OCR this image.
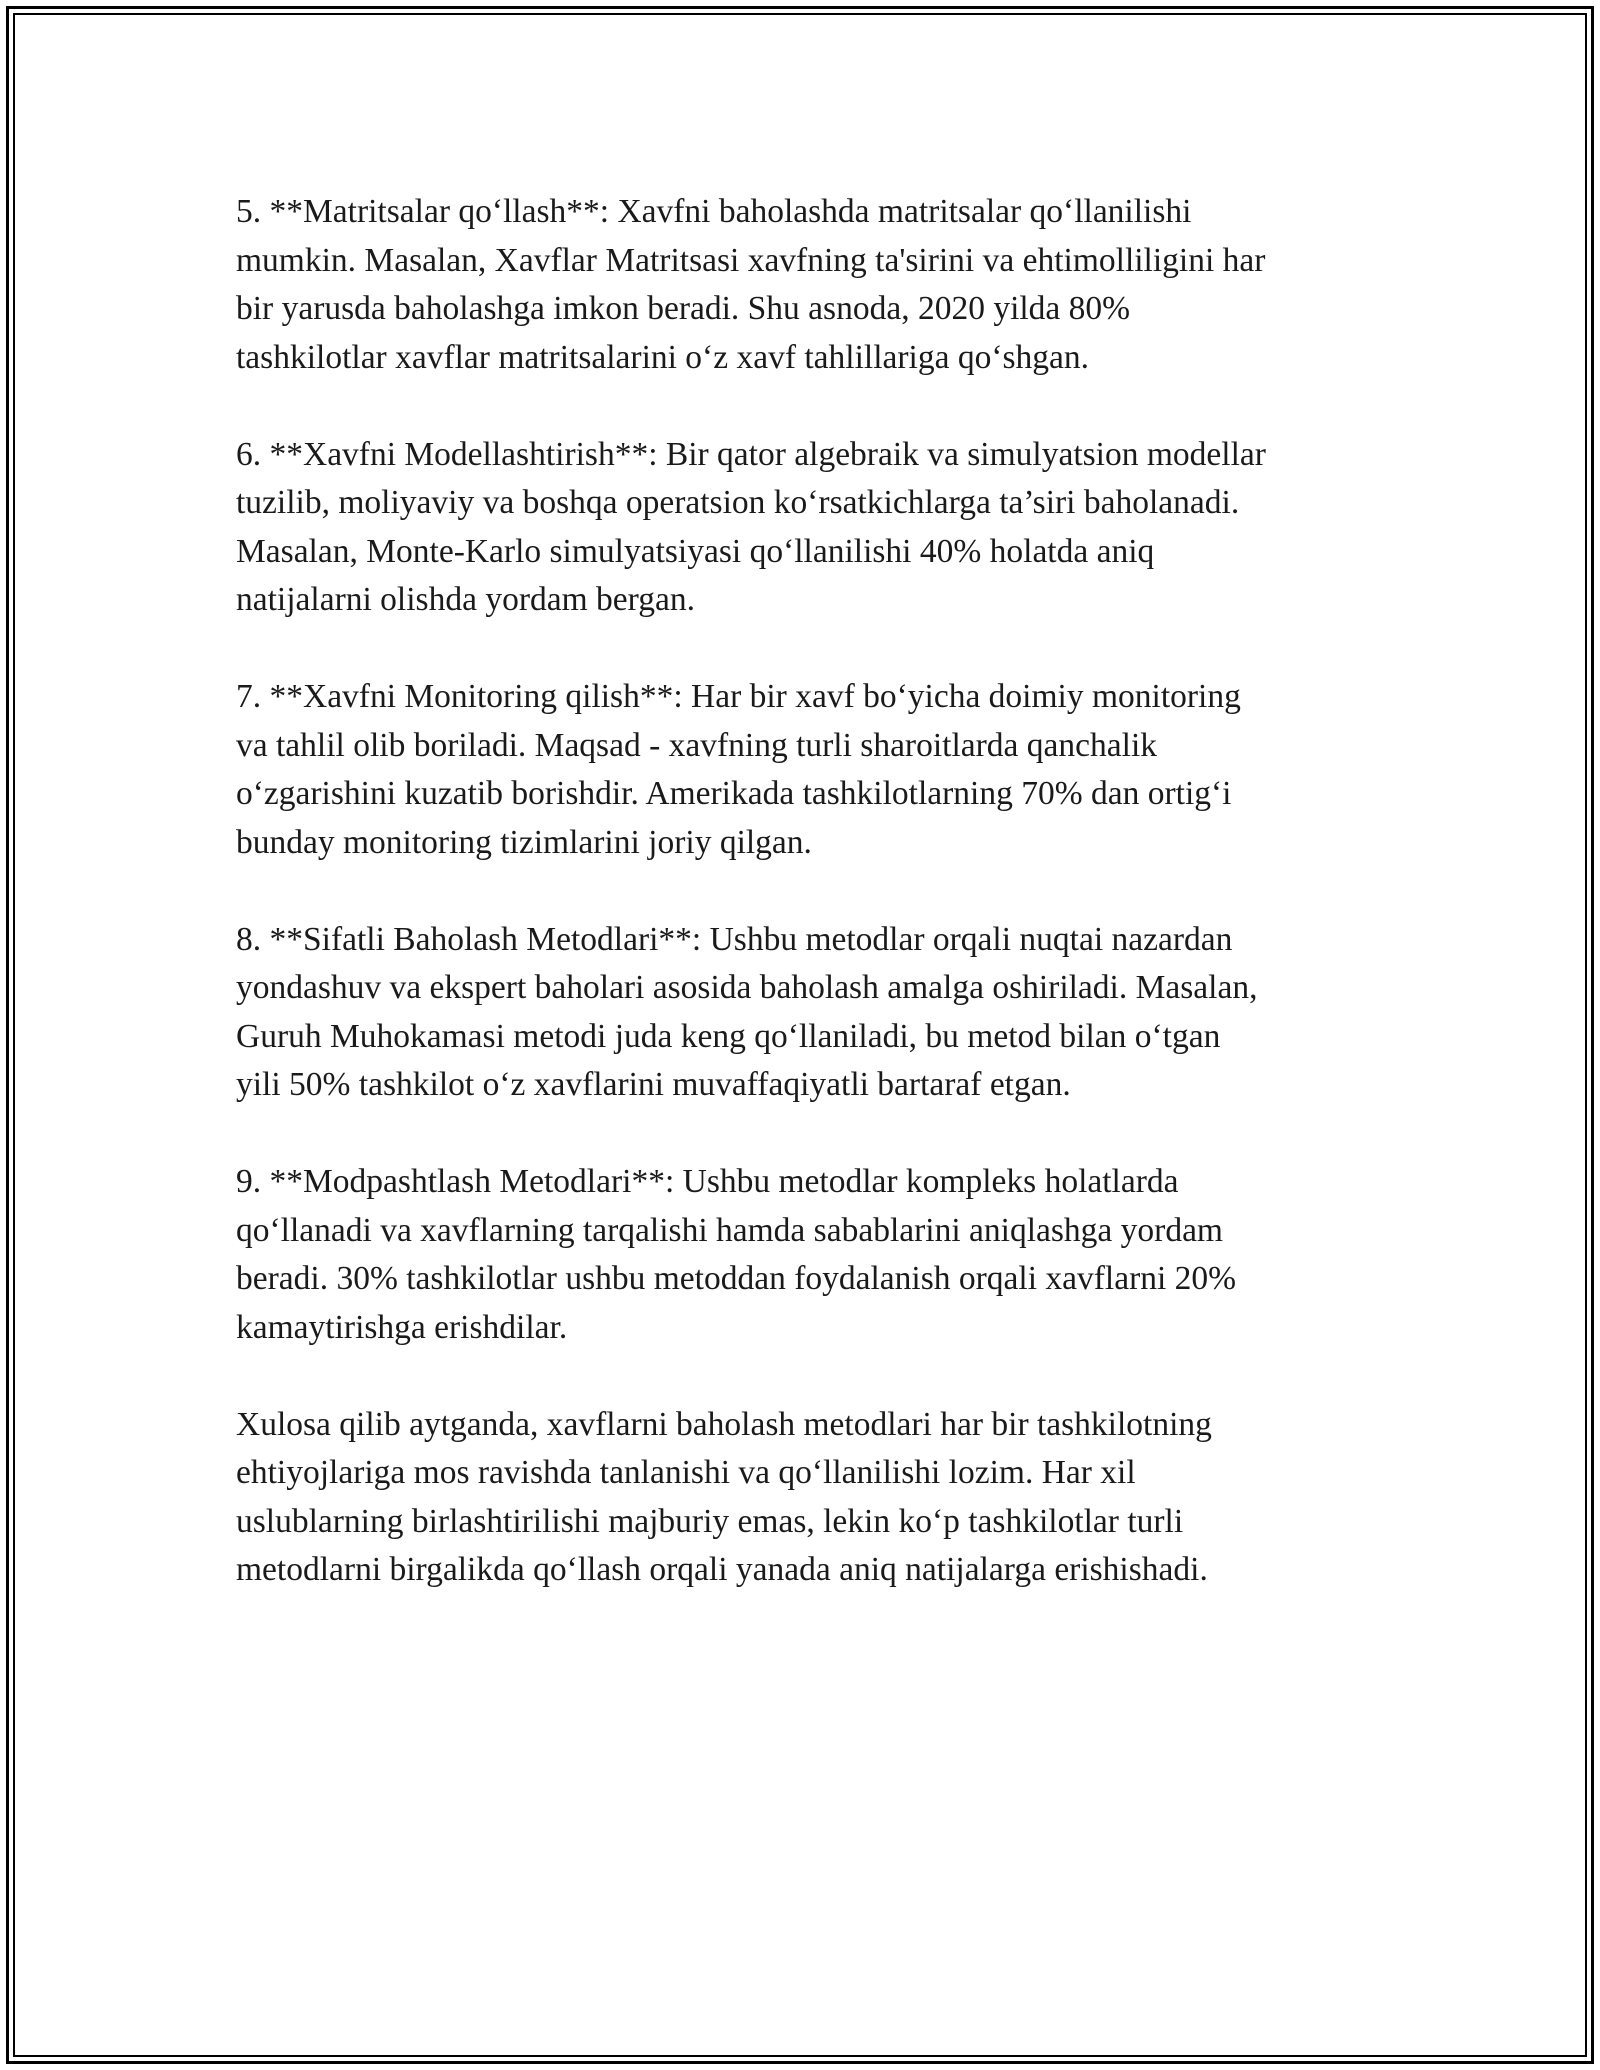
5. **Matritsalar qo‘llash**: Xavfni baholashda matritsalar qo‘llanilishi
mumkin. Masalan, Xavflar Matritsasi xavfning ta'sirini va ehtimolliligini har
bir yarusda baholashga imkon beradi. Shu asnoda, 2020 yilda 80%
tashkilotlar xavflar matritsalarini o‘z xavf tahlillariga qo‘shgan.

6. **Xavfni Modellashtirish**: Bir qator algebraik va simulyatsion modellar
tuzilib, moliyaviy va boshqa operatsion ko‘rsatkichlarga ta’siri baholanadi.
Masalan, Monte-Karlo simulyatsiyasi qo‘llanilishi 40% holatda aniq
natijalarni olishda yordam bergan.

7. **Xavfni Monitoring qilish**: Har bir xavf bo‘yicha doimiy monitoring
va tahlil olib boriladi. Maqsad - xavfning turli sharoitlarda qanchalik
o‘zgarishini kuzatib borishdir. Amerikada tashkilotlarning 70% dan ortig‘i
bunday monitoring tizimlarini joriy qilgan.

8. **Sifatli Baholash Metodlari**: Ushbu metodlar orqali nuqtai nazardan
yondashuv va ekspert baholari asosida baholash amalga oshiriladi. Masalan,
Guruh Muhokamasi metodi juda keng qo‘llaniladi, bu metod bilan o‘tgan
yili 50% tashkilot o‘z xavflarini muvaffaqiyatli bartaraf etgan.

9. **Modpashtlash Metodlari**: Ushbu metodlar kompleks holatlarda
qo‘llanadi va xavflarning tarqalishi hamda sabablarini aniqlashga yordam
beradi. 30% tashkilotlar ushbu metoddan foydalanish orqali xavflarni 20%
kamaytirishga erishdilar.

Xulosa qilib aytganda, xavflarni baholash metodlari har bir tashkilotning
ehtiyojlariga mos ravishda tanlanishi va qo‘llanilishi lozim. Har xil
uslublarning birlashtirilishi majburiy emas, lekin ko‘p tashkilotlar turli
metodlarni birgalikda qo‘llash orqali yanada aniq natijalarga erishishadi.
